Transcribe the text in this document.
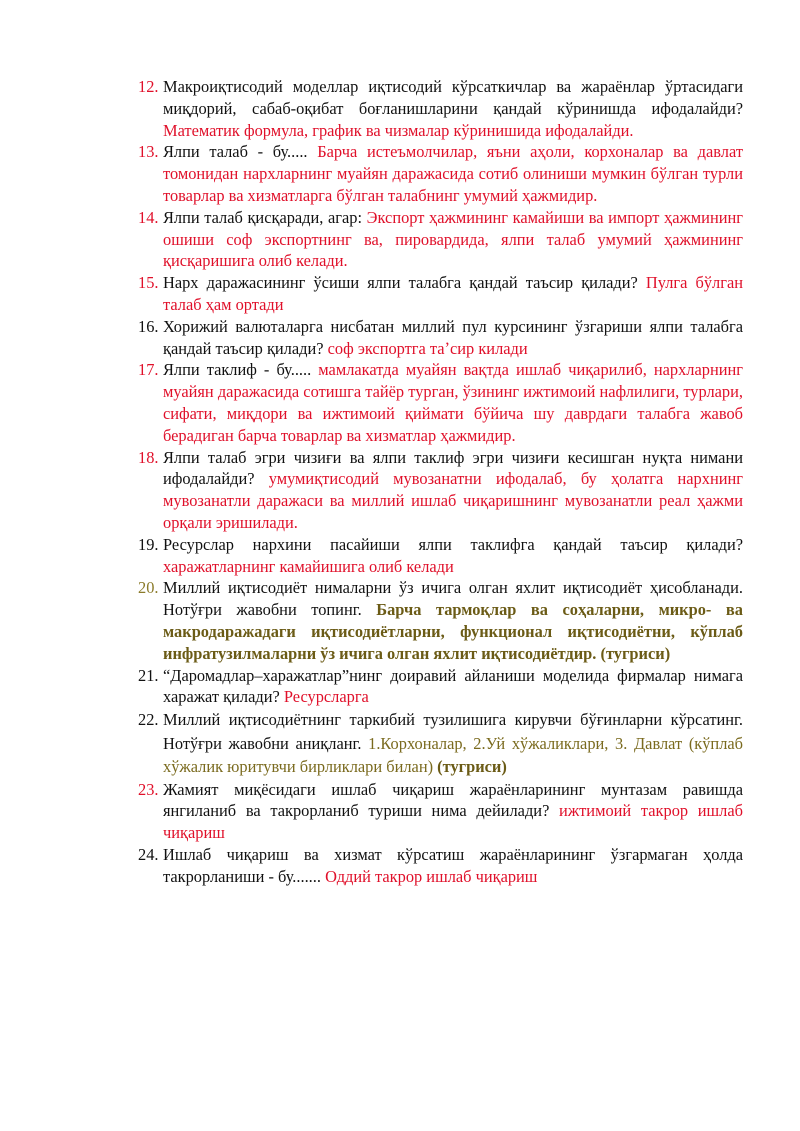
12. Макроиқтисодий моделлар иқтисодий кўрсаткичлар ва жараёнлар ўртасидаги миқдорий, сабаб-оқибат боғланишларини қандай кўринишда ифодалайди? Математик формула, график ва чизмалар кўринишида ифодалайди.
13. Ялпи талаб - бу..... Барча истеъмолчилар, яъни аҳоли, корхоналар ва давлат томонидан нархларнинг муайян даражасида сотиб олиниши мумкин бўлган турли товарлар ва хизматларга бўлган талабнинг умумий ҳажмидир.
14. Ялпи талаб қисқаради, агар: Экспорт ҳажмининг камайиши ва импорт ҳажмининг ошиши соф экспортнинг ва, пировардида, ялпи талаб умумий ҳажмининг қисқаришига олиб келади.
15. Нарх даражасининг ўсиши ялпи талабга қандай таъсир қилади? Пулга бўлган талаб ҳам ортади
16. Хорижий валюталарга нисбатан миллий пул курсининг ўзгариши ялпи талабга қандай таъсир қилади? соф экспортга таʼсир килади
17. Ялпи таклиф - бу..... мамлакатда муайян вақтда ишлаб чиқарилиб, нархларнинг муайян даражасида сотишга тайёр турган, ўзининг ижтимоий нафлилиги, турлари, сифати, миқдори ва ижтимоий қиймати бўйича шу даврдаги талабга жавоб берадиган барча товарлар ва хизматлар ҳажмидир.
18. Ялпи талаб эгри чизиғи ва ялпи таклиф эгри чизиғи кесишган нуқта нимани ифодалайди? умумиқтисодий мувозанатни ифодалаб, бу ҳолатга нархнинг мувозанатли даражаси ва миллий ишлаб чиқаришнинг мувозанатли реал ҳажми орқали эришилади.
19. Ресурслар нархини пасайиши ялпи таклифга қандай таъсир қилади? харажатларнинг камайишига олиб келади
20. Миллий иқтисодиёт нималарни ўз ичига олган яхлит иқтисодиёт ҳисобланади. Нотўғри жавобни топинг. Барча тармоқлар ва соҳаларни, микро- ва макродаражадаги иқтисодиётларни, функционал иқтисодиётни, кўплаб инфратузилмаларни ўз ичига олган яхлит иқтисодиётдир. (тугриси)
21. “Даромадлар–харажатлар”нинг доиравий айланиши моделида фирмалар нимага харажат қилади? Ресурсларга
22. Миллий иқтисодиётнинг таркибий тузилишига кирувчи бўғинларни кўрсатинг. Нотўғри жавобни аниқланг. 1.Корхоналар, 2.Уй хўжаликлари, 3. Давлат (кўплаб хўжалик юритувчи бирликлари билан) (тугриси)
23. Жамият миқёсидаги ишлаб чиқариш жараёнларининг мунтазам равишда янгиланиб ва такрорланиб туриши нима дейилади? ижтимоий такрор ишлаб чиқариш
24. Ишлаб чиқариш ва хизмат кўрсатиш жараёнларининг ўзгармаган ҳолда такрорланиши - бу....... Оддий такрор ишлаб чиқариш
